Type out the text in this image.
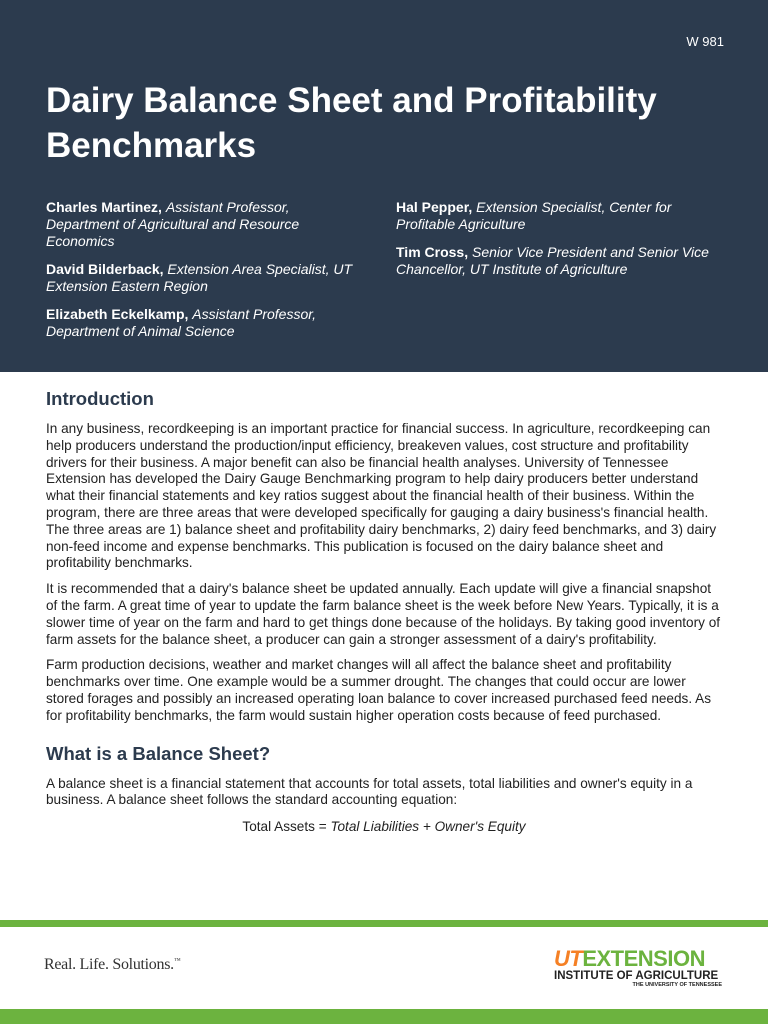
W 981
Dairy Balance Sheet and Profitability Benchmarks

Charles Martinez, Assistant Professor, Department of Agricultural and Resource Economics

David Bilderback, Extension Area Specialist, UT Extension Eastern Region

Elizabeth Eckelkamp, Assistant Professor, Department of Animal Science

Hal Pepper, Extension Specialist, Center for Profitable Agriculture

Tim Cross, Senior Vice President and Senior Vice Chancellor, UT Institute of Agriculture

Introduction

In any business, recordkeeping is an important practice for financial success. In agriculture, recordkeeping can help producers understand the production/input efficiency, breakeven values, cost structure and profitability drivers for their business. A major benefit can also be financial health analyses. University of Tennessee Extension has developed the Dairy Gauge Benchmarking program to help dairy producers better understand what their financial statements and key ratios suggest about the financial health of their business. Within the program, there are three areas that were developed specifically for gauging a dairy business's financial health. The three areas are 1) balance sheet and profitability dairy benchmarks, 2) dairy feed benchmarks, and 3) dairy non-feed income and expense benchmarks. This publication is focused on the dairy balance sheet and profitability benchmarks.

It is recommended that a dairy's balance sheet be updated annually. Each update will give a financial snapshot of the farm. A great time of year to update the farm balance sheet is the week before New Years. Typically, it is a slower time of year on the farm and hard to get things done because of the holidays. By taking good inventory of farm assets for the balance sheet, a producer can gain a stronger assessment of a dairy's profitability.

Farm production decisions, weather and market changes will all affect the balance sheet and profitability benchmarks over time. One example would be a summer drought. The changes that could occur are lower stored forages and possibly an increased operating loan balance to cover increased purchased feed needs. As for profitability benchmarks, the farm would sustain higher operation costs because of feed purchased.

What is a Balance Sheet?

A balance sheet is a financial statement that accounts for total assets, total liabilities and owner's equity in a business. A balance sheet follows the standard accounting equation:

Total Assets = Total Liabilities + Owner's Equity
Real. Life. Solutions.™	UTEXTENSION
INSTITUTE OF AGRICULTURE
THE UNIVERSITY OF TENNESSEE
